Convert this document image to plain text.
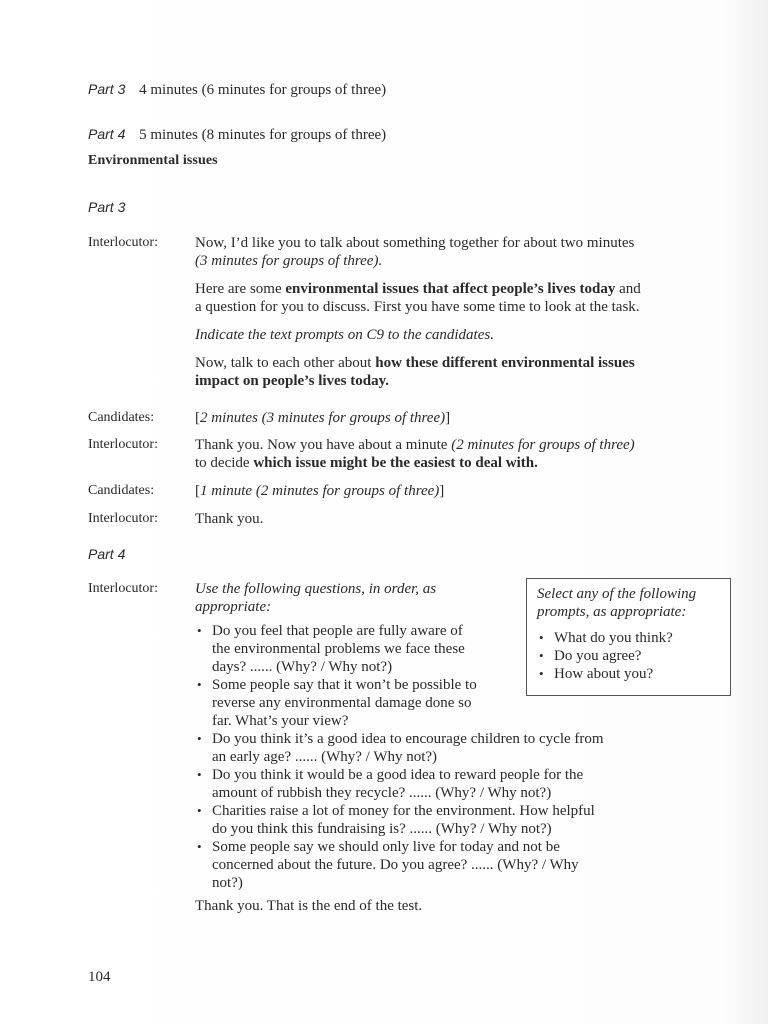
Part 3 4 minutes (6 minutes for groups of three)
Part 4 5 minutes (8 minutes for groups of three)
Environmental issues
Part 3
Interlocutor: Now, I’d like you to talk about something together for about two minutes (3 minutes for groups of three).

Here are some environmental issues that affect people’s lives today and a question for you to discuss. First you have some time to look at the task.

Indicate the text prompts on C9 to the candidates.

Now, talk to each other about how these different environmental issues impact on people’s lives today.

Candidates:	[2 minutes (3 minutes for groups of three)]

Interlocutor: Thank you. Now you have about a minute (2 minutes for groups of three) to decide which issue might be the easiest to deal with.

Candidates:	[1 minute (2 minutes for groups of three)]

Interlocutor: Thank you.

Part 4
Interlocutor: Use the following questions, in order, as
appropriate:
• Do you feel that people are fully aware of
the environmental problems we face these
days? ...... (Why? / Why not?)
• Some people say that it won’t be possible to
reverse any environmental damage done so
far. What’s your view?
• Do you think it’s a good idea to encourage children to cycle from
an early age? ...... (Why? / Why not?)
• Do you think it would be a good idea to reward people for the
amount of rubbish they recycle? ...... (Why? / Why not?)
• Charities raise a lot of money for the environment. How helpful
do you think this fundraising is? ...... (Why? / Why not?)
• Some people say we should only live for today and not be
concerned about the future. Do you agree? ...... (Why? / Why
not?)
Thank you. That is the end of the test.
Select any of the following
prompts, as appropriate:
• What do you think?
• Do you agree?
• How about you?
104
